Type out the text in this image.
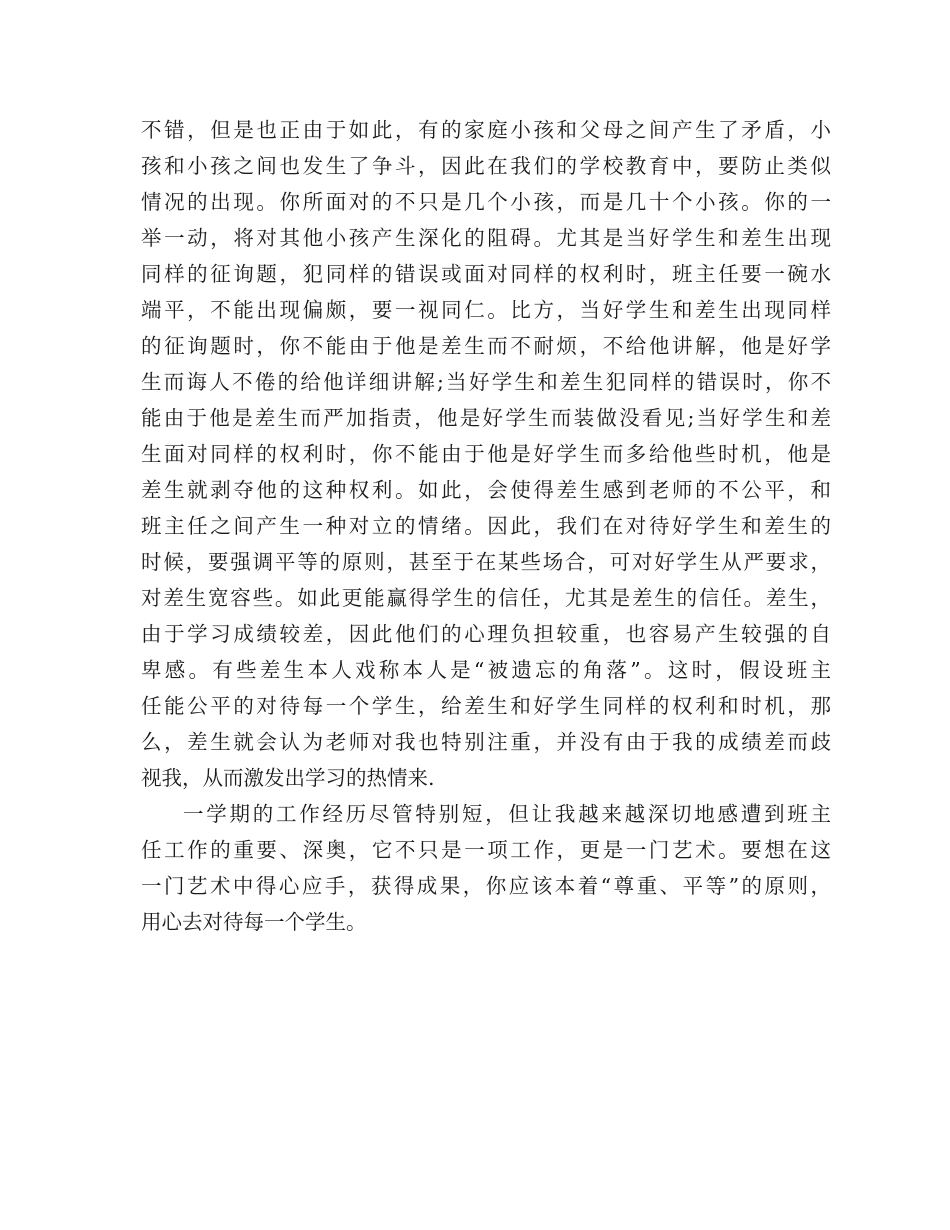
不错，但是也正由于如此，有的家庭小孩和父母之间产生了矛盾，小
孩和小孩之间也发生了争斗，因此在我们的学校教育中，要防止类似
情况的出现。你所面对的不只是几个小孩，而是几十个小孩。你的一
举一动，将对其他小孩产生深化的阻碍。尤其是当好学生和差生出现
同样的征询题，犯同样的错误或面对同样的权利时，班主任要一碗水
端平，不能出现偏颇，要一视同仁。比方，当好学生和差生出现同样
的征询题时，你不能由于他是差生而不耐烦，不给他讲解，他是好学
生而诲人不倦的给他详细讲解;当好学生和差生犯同样的错误时，你不
能由于他是差生而严加指责，他是好学生而装做没看见;当好学生和差
生面对同样的权利时，你不能由于他是好学生而多给他些时机，他是
差生就剥夺他的这种权利。如此，会使得差生感到老师的不公平，和
班主任之间产生一种对立的情绪。因此，我们在对待好学生和差生的
时候，要强调平等的原则，甚至于在某些场合，可对好学生从严要求，
对差生宽容些。如此更能赢得学生的信任，尤其是差生的信任。差生，
由于学习成绩较差，因此他们的心理负担较重，也容易产生较强的自
卑感。有些差生本人戏称本人是“被遗忘的角落”。这时，假设班主
任能公平的对待每一个学生，给差生和好学生同样的权利和时机，那
么，差生就会认为老师对我也特别注重，并没有由于我的成绩差而歧
视我，从而激发出学习的热情来.
一学期的工作经历尽管特别短，但让我越来越深切地感遭到班主
任工作的重要、深奥，它不只是一项工作，更是一门艺术。要想在这
一门艺术中得心应手，获得成果，你应该本着“尊重、平等”的原则，
用心去对待每一个学生。
